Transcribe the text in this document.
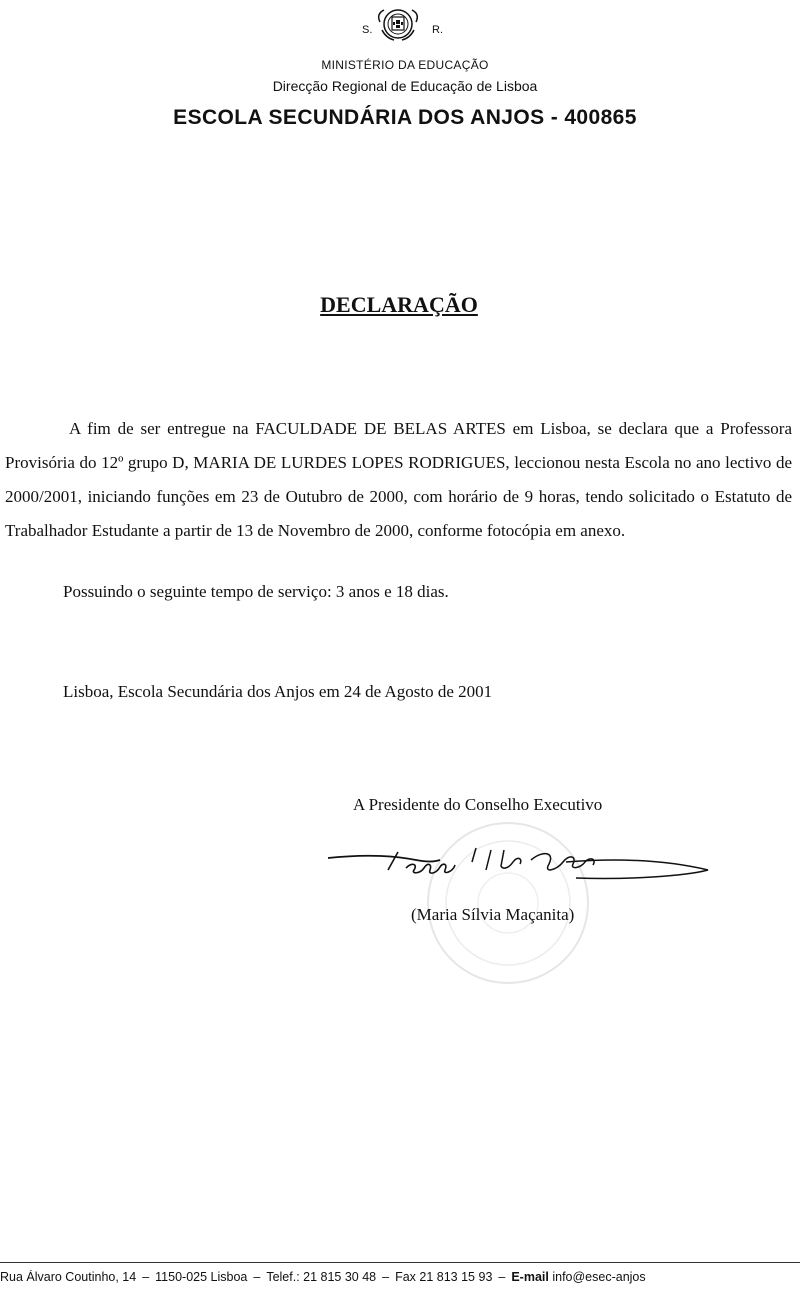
S.	R.
MINISTÉRIO DA EDUCAÇÃO
Direcção Regional de Educação de Lisboa
ESCOLA SECUNDÁRIA DOS ANJOS - 400865
DECLARAÇÃO

A fim de ser entregue na FACULDADE DE BELAS ARTES em Lisboa, se declara que a Professora Provisória do 12º grupo D, MARIA DE LURDES LOPES RODRIGUES, leccionou nesta Escola no ano lectivo de 2000/2001, iniciando funções em 23 de Outubro de 2000, com horário de 9 horas, tendo solicitado o Estatuto de Trabalhador Estudante a partir de 13 de Novembro de 2000, conforme fotocópia em anexo.

Possuindo o seguinte tempo de serviço: 3 anos e 18 dias.
Lisboa, Escola Secundária dos Anjos em 24 de Agosto de 2001
A Presidente do Conselho Executivo
(Maria Sílvia Maçanita)
Rua Álvaro Coutinho, 14 – 1150-025 Lisboa – Telef.: 21 815 30 48 – Fax 21 813 15 93 – E-mail info@esec-anjos
